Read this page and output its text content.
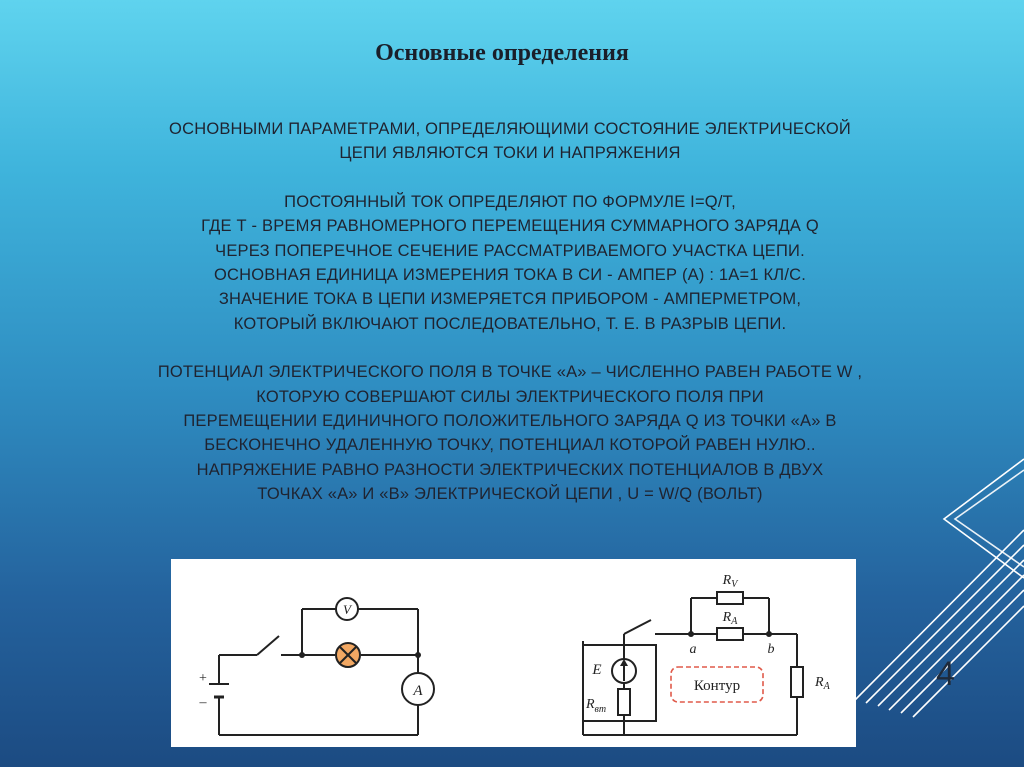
Основные определения
ОСНОВНЫМИ ПАРАМЕТРАМИ, ОПРЕДЕЛЯЮЩИМИ СОСТОЯНИЕ ЭЛЕКТРИЧЕСКОЙ
ЦЕПИ ЯВЛЯЮТСЯ ТОКИ И НАПРЯЖЕНИЯ
ПОСТОЯННЫЙ ТОК ОПРЕДЕЛЯЮТ ПО ФОРМУЛЕ I=Q/T,
ГДЕ Т - ВРЕМЯ РАВНОМЕРНОГО ПЕРЕМЕЩЕНИЯ СУММАРНОГО ЗАРЯДА Q
ЧЕРЕЗ ПОПЕРЕЧНОЕ СЕЧЕНИЕ РАССМАТРИВАЕМОГО УЧАСТКА ЦЕПИ.
ОСНОВНАЯ ЕДИНИЦА ИЗМЕРЕНИЯ ТОКА В СИ - АМПЕР (А) : 1А=1 КЛ/С.
ЗНАЧЕНИЕ ТОКА В ЦЕПИ ИЗМЕРЯЕТСЯ ПРИБОРОМ - АМПЕРМЕТРОМ,
КОТОРЫЙ ВКЛЮЧАЮТ ПОСЛЕДОВАТЕЛЬНО, Т. Е. В РАЗРЫВ ЦЕПИ.
ПОТЕНЦИАЛ ЭЛЕКТРИЧЕСКОГО ПОЛЯ В ТОЧКЕ «А» – ЧИСЛЕННО РАВЕН РАБОТЕ W ,
КОТОРУЮ СОВЕРШАЮТ СИЛЫ ЭЛЕКТРИЧЕСКОГО ПОЛЯ ПРИ
ПЕРЕМЕЩЕНИИ ЕДИНИЧНОГО ПОЛОЖИТЕЛЬНОГО ЗАРЯДА Q ИЗ ТОЧКИ «А» В
БЕСКОНЕЧНО УДАЛЕННУЮ ТОЧКУ, ПОТЕНЦИАЛ КОТОРОЙ РАВЕН НУЛЮ..
НАПРЯЖЕНИЕ РАВНО РАЗНОСТИ ЭЛЕКТРИЧЕСКИХ ПОТЕНЦИАЛОВ В ДВУХ
ТОЧКАХ «А» И «В» ЭЛЕКТРИЧЕСКОЙ ЦЕПИ , U = W/Q (ВОЛЬТ)
V
A
+
–
E
$R_{вт}$
$R_V$
$R_A$
a	b
Контур	$R_A$	4
